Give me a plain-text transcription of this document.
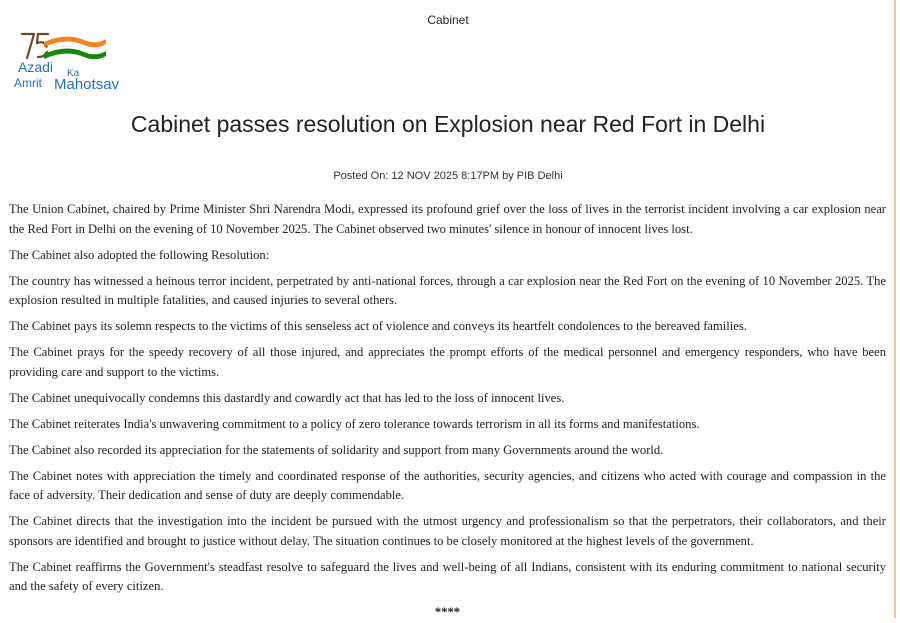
Cabinet
Azadi Ka
Amrit Mahotsav
Cabinet passes resolution on Explosion near Red Fort in Delhi
Posted On: 12 NOV 2025 8:17PM by PIB Delhi

The Union Cabinet, chaired by Prime Minister Shri Narendra Modi, expressed its profound grief over the loss of lives in the terrorist incident involving a car explosion near the Red Fort in Delhi on the evening of 10 November 2025. The Cabinet observed two minutes' silence in honour of innocent lives lost.

The Cabinet also adopted the following Resolution:

The country has witnessed a heinous terror incident, perpetrated by anti-national forces, through a car explosion near the Red Fort on the evening of 10 November 2025. The explosion resulted in multiple fatalities, and caused injuries to several others.

The Cabinet pays its solemn respects to the victims of this senseless act of violence and conveys its heartfelt condolences to the bereaved families.

The Cabinet prays for the speedy recovery of all those injured, and appreciates the prompt efforts of the medical personnel and emergency responders, who have been providing care and support to the victims.

The Cabinet unequivocally condemns this dastardly and cowardly act that has led to the loss of innocent lives.

The Cabinet reiterates India's unwavering commitment to a policy of zero tolerance towards terrorism in all its forms and manifestations.

The Cabinet also recorded its appreciation for the statements of solidarity and support from many Governments around the world.

The Cabinet notes with appreciation the timely and coordinated response of the authorities, security agencies, and citizens who acted with courage and compassion in the face of adversity. Their dedication and sense of duty are deeply commendable.

The Cabinet directs that the investigation into the incident be pursued with the utmost urgency and professionalism so that the perpetrators, their collaborators, and their sponsors are identified and brought to justice without delay. The situation continues to be closely monitored at the highest levels of the government.

The Cabinet reaffirms the Government's steadfast resolve to safeguard the lives and well-being of all Indians, consistent with its enduring commitment to national security and the safety of every citizen.

****
